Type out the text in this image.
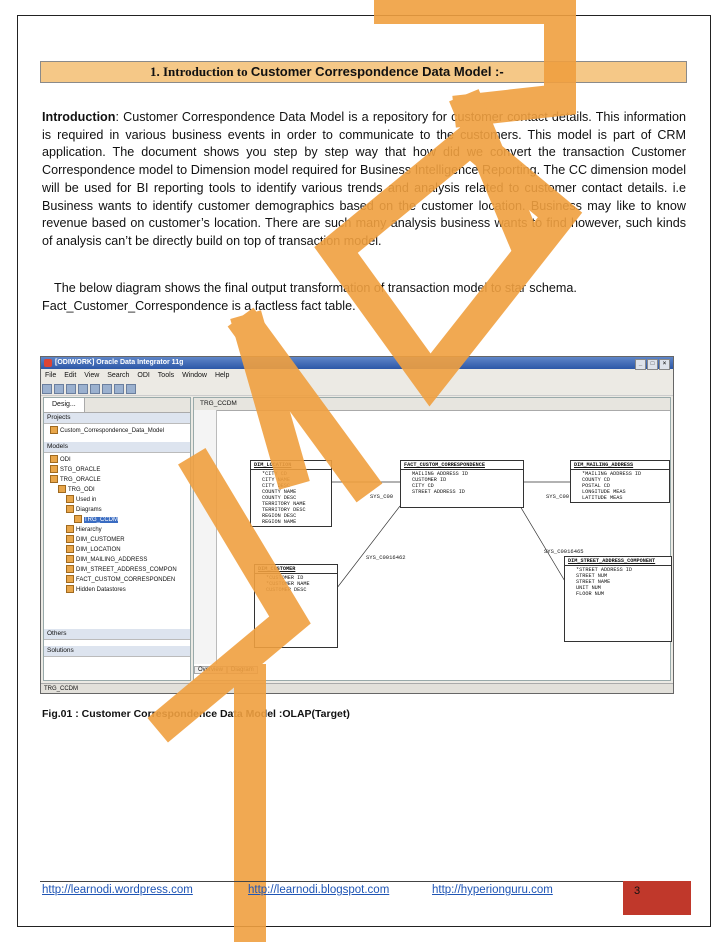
1. Introduction to Customer Correspondence Data Model :-
Introduction: Customer Correspondence Data Model is a repository for customer contact details. This information is required in various business events in order to communicate to the customers. This model is part of CRM application. The document shows you step by step way that how did we convert the transaction Customer Correspondence model to Dimension model required for Business Intelligence Reporting. The CC dimension model will be used for BI reporting tools to identify various trends and analysis related to customer contact details. i.e Business wants to identify customer demographics based on the customer location. Business may like to know revenue based on customer’s location. There are such many analysis business wants to find however, such kinds of analysis can’t be directly build on top of transaction model.
The below diagram shows the final output transformation of transaction model to star schema.
Fact_Customer_Correspondence is a factless fact table.
[ODIWORK] Oracle Data Integrator 11g	_ □ ×
File Edit View Search ODI Tools Window Help
Desig...
Projects
Custom_Correspondence_Data_Model
Models
ODI
STG_ORACLE
TRG_ORACLE
TRG_ODI
Used in
Diagrams
TRG_CCDM
Hierarchy
DIM_CUSTOMER
DIM_LOCATION
DIM_MAILING_ADDRESS
DIM_STREET_ADDRESS_COMPON
FACT_CUSTOM_CORRESPONDEN
Hidden Datastores
Others
Solutions
TRG_CCDM
DIM_LOCATION
*CITY CD
CITY NAME
CITY DESC
COUNTY NAME
COUNTY DESC
TERRITORY NAME
TERRITORY DESC
REGION DESC
REGION NAME
FACT_CUSTOM_CORRESPONDENCE
MAILING ADDRESS ID
CUSTOMER ID
CITY CD
STREET ADDRESS ID
DIM_MAILING_ADDRESS
*MAILING ADDRESS ID
COUNTY CD
POSTAL CD
LONGITUDE MEAS
LATITUDE MEAS
DIM_CUSTOMER
*CUSTOMER ID
*CUSTOMER NAME
CUSTOMER DESC
DIM_STREET_ADDRESS_COMPONENT
*STREET ADDRESS ID
STREET NUM
STREET NAME
UNIT NUM
FLOOR NUM
SYS_C00	SYS_C00
SYS_C0016462
SYS_C0016465
Overview Diagram
TRG_CCDM
Fig.01 : Customer Correspondence Data Model :OLAP(Target)
http://learnodi.wordpress.com	http://learnodi.blogspot.com	http://hyperionguru.com	3
